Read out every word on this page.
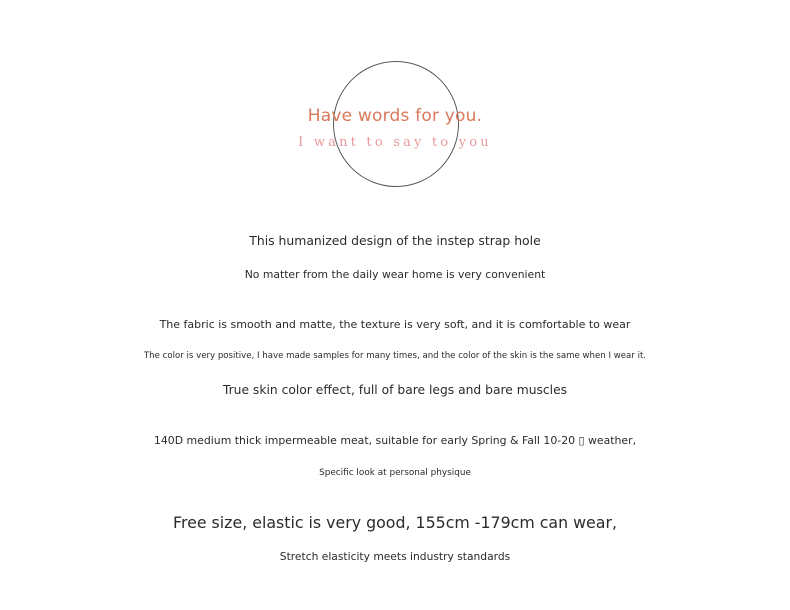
Have words for you.
I want to say to you
This humanized design of the instep strap hole
No matter from the daily wear home is very convenient
The fabric is smooth and matte, the texture is very soft, and it is comfortable to wear
The color is very positive, I have made samples for many times, and the color of the skin is the same when I wear it.
True skin color effect, full of bare legs and bare muscles
140D medium thick impermeable meat, suitable for early Spring & Fall 10-20 ▯ weather,
Specific look at personal physique
Free size, elastic is very good, 155cm -179cm can wear,
Stretch elasticity meets industry standards
